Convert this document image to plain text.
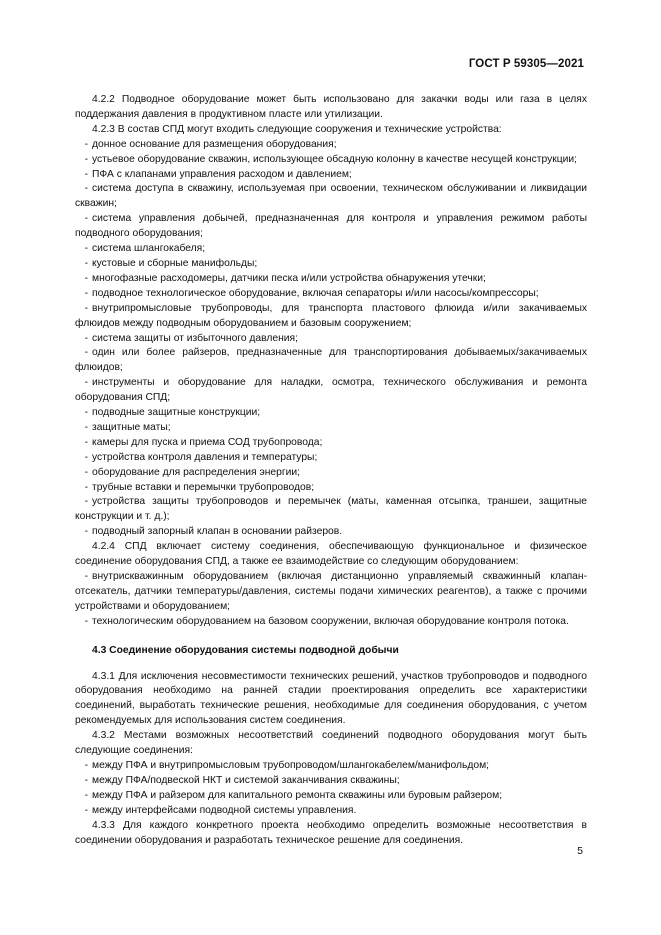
ГОСТ Р 59305—2021
4.2.2 Подводное оборудование может быть использовано для закачки воды или газа в целях поддержания давления в продуктивном пласте или утилизации.
4.2.3 В состав СПД могут входить следующие сооружения и технические устройства:
- донное основание для размещения оборудования;
- устьевое оборудование скважин, использующее обсадную колонну в качестве несущей конструкции;
- ПФА с клапанами управления расходом и давлением;
- система доступа в скважину, используемая при освоении, техническом обслуживании и ликвидации скважин;
- система управления добычей, предназначенная для контроля и управления режимом работы подводного оборудования;
- система шлангокабеля;
- кустовые и сборные манифольды;
- многофазные расходомеры, датчики песка и/или устройства обнаружения утечки;
- подводное технологическое оборудование, включая сепараторы и/или насосы/компрессоры;
- внутрипромысловые трубопроводы, для транспорта пластового флюида и/или закачиваемых флюидов между подводным оборудованием и базовым сооружением;
- система защиты от избыточного давления;
- один или более райзеров, предназначенные для транспортирования добываемых/закачиваемых флюидов;
- инструменты и оборудование для наладки, осмотра, технического обслуживания и ремонта оборудования СПД;
- подводные защитные конструкции;
- защитные маты;
- камеры для пуска и приема СОД трубопровода;
- устройства контроля давления и температуры;
- оборудование для распределения энергии;
- трубные вставки и перемычки трубопроводов;
- устройства защиты трубопроводов и перемычек (маты, каменная отсыпка, траншеи, защитные конструкции и т. д.);
- подводный запорный клапан в основании райзеров.
4.2.4 СПД включает систему соединения, обеспечивающую функциональное и физическое соединение оборудования СПД, а также ее взаимодействие со следующим оборудованием:
- внутрискважинным оборудованием (включая дистанционно управляемый скважинный клапан-отсекатель, датчики температуры/давления, системы подачи химических реагентов), а также с прочими устройствами и оборудованием;
- технологическим оборудованием на базовом сооружении, включая оборудование контроля потока.
4.3 Соединение оборудования системы подводной добычи
4.3.1 Для исключения несовместимости технических решений, участков трубопроводов и подводного оборудования необходимо на ранней стадии проектирования определить все характеристики соединений, выработать технические решения, необходимые для соединения оборудования, с учетом рекомендуемых для использования систем соединения.
4.3.2 Местами возможных несоответствий соединений подводного оборудования могут быть следующие соединения:
- между ПФА и внутрипромысловым трубопроводом/шлангокабелем/манифольдом;
- между ПФА/подвеской НКТ и системой заканчивания скважины;
- между ПФА и райзером для капитального ремонта скважины или буровым райзером;
- между интерфейсами подводной системы управления.
4.3.3 Для каждого конкретного проекта необходимо определить возможные несоответствия в соединении оборудования и разработать техническое решение для соединения.
5
